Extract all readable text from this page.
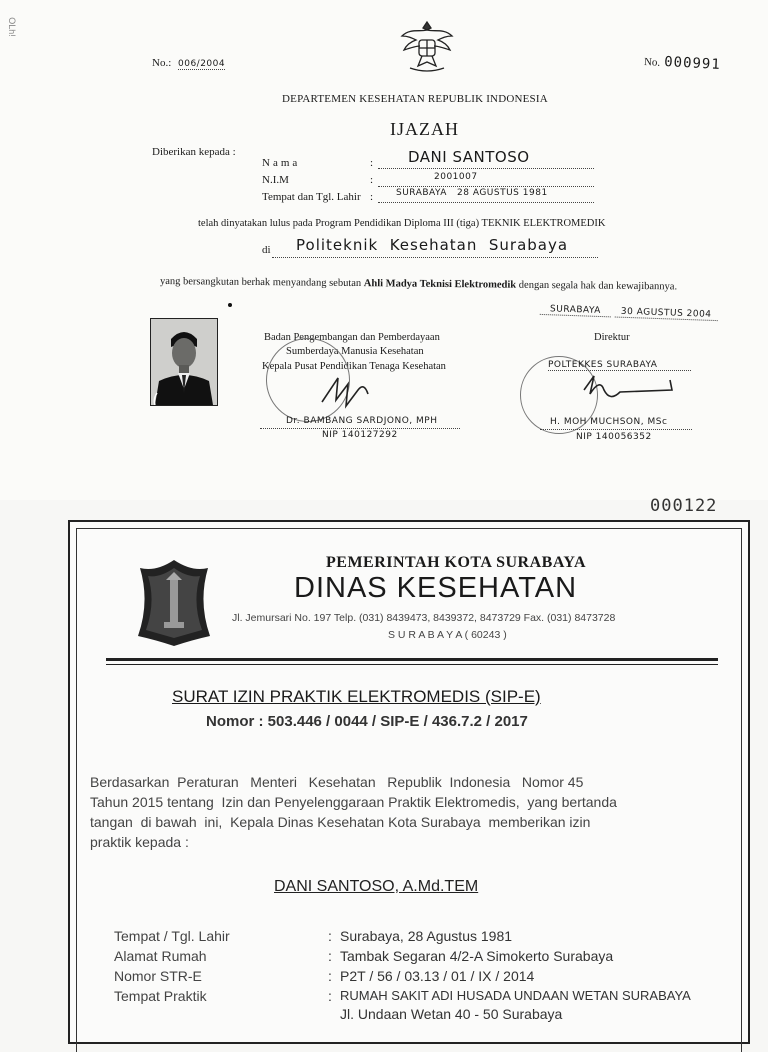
OLh!
No.: 006/2004	No. 000991
DEPARTEMEN KESEHATAN REPUBLIK INDONESIA
IJAZAH
Diberikan kepada :
Nama	: DANI SANTOSO
N.I.M	:	2001007
Tempat dan Tgl. Lahir :	SURABAYA   28 AGUSTUS 1981
telah dinyatakan lulus pada Program Pendidikan Diploma III (tiga) TEKNIK ELEKTROMEDIK
di Politeknik  Kesehatan  Surabaya
yang bersangkutan berhak menyandang sebutan Ahli Madya Teknisi Elektromedik dengan segala hak dan kewajibannya.
SURABAYA 30 AGUSTUS 2004
Badan Pengembangan dan Pemberdayaan
Sumberdaya Manusia Kesehatan
Kepala Pusat Pendidikan Tenaga Kesehatan
Dr. BAMBANG SARDJONO, MPH
NIP 140127292
Direktur
POLTEKKES SURABAYA
H. MOH MUCHSON, MSc
NIP 140056352
000122
PEMERINTAH KOTA SURABAYA
DINAS KESEHATAN
Jl. Jemursari No. 197 Telp. (031) 8439473, 8439372, 8473729 Fax. (031) 8473728
S U R A B A Y A ( 60243 )
SURAT IZIN PRAKTIK ELEKTROMEDIS (SIP-E)
Nomor : 503.446 / 0044 / SIP-E / 436.7.2 / 2017
Berdasarkan  Peraturan   Menteri   Kesehatan   Republik  Indonesia   Nomor 45
Tahun 2015 tentang  Izin dan Penyelenggaraan Praktik Elektromedis,  yang bertanda
tangan  di bawah  ini,  Kepala Dinas Kesehatan Kota Surabaya  memberikan izin
praktik kepada :
DANI SANTOSO, A.Md.TEM
Tempat / Tgl. Lahir	: Surabaya, 28 Agustus 1981
Alamat Rumah	: Tambak Segaran 4/2-A Simokerto Surabaya
Nomor STR-E	: P2T / 56 / 03.13 / 01 / IX / 2014
Tempat Praktik	: RUMAH SAKIT ADI HUSADA UNDAAN WETAN SURABAYA
Jl. Undaan Wetan 40 - 50 Surabaya
